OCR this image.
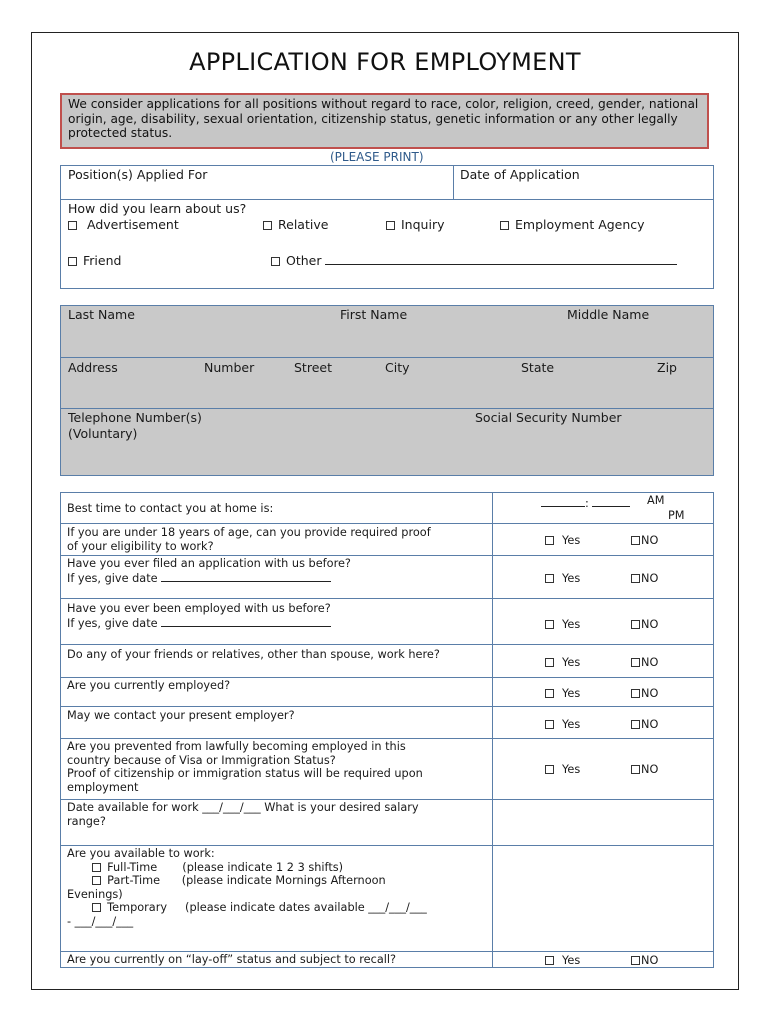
APPLICATION FOR EMPLOYMENT
We consider applications for all positions without regard to race, color, religion, creed, gender, national origin, age, disability, sexual orientation, citizenship status, genetic information or any other legally protected status.
(PLEASE PRINT)
Position(s) Applied For	Date of Application
How did you learn about us?
Advertisement	Relative	Inquiry	Employment Agency
Friend	Other
Last Name	First Name	Middle Name
Address	Number	Street	City	State	Zip
Telephone Number(s)
(Voluntary)
Social Security Number
Best time to contact you at home is:	:	AM
PM
If you are under 18 years of age, can you provide required proof
of your eligibility to work?	Yes	NO
Have you ever filed an application with us before?
If yes, give date	Yes	NO
Have you ever been employed with us before?
If yes, give date	Yes	NO
Do any of your friends or relatives, other than spouse, work here?
Yes	NO
Are you currently employed?
Yes	NO
May we contact your present employer?
Yes	NO
Are you prevented from lawfully becoming employed in this
country because of Visa or Immigration Status?
Proof of citizenship or immigration status will be required upon
employment
Yes	NO
Date available for work ___/___/___ What is your desired salary
range?
Are you available to work:
Full-Time (please indicate 1 2 3 shifts)
Part-Time (please indicate Mornings Afternoon
Evenings)
Temporary (please indicate dates available ___/___/___
- ___/___/___
Are you currently on “lay-off” status and subject to recall?	Yes	NO
